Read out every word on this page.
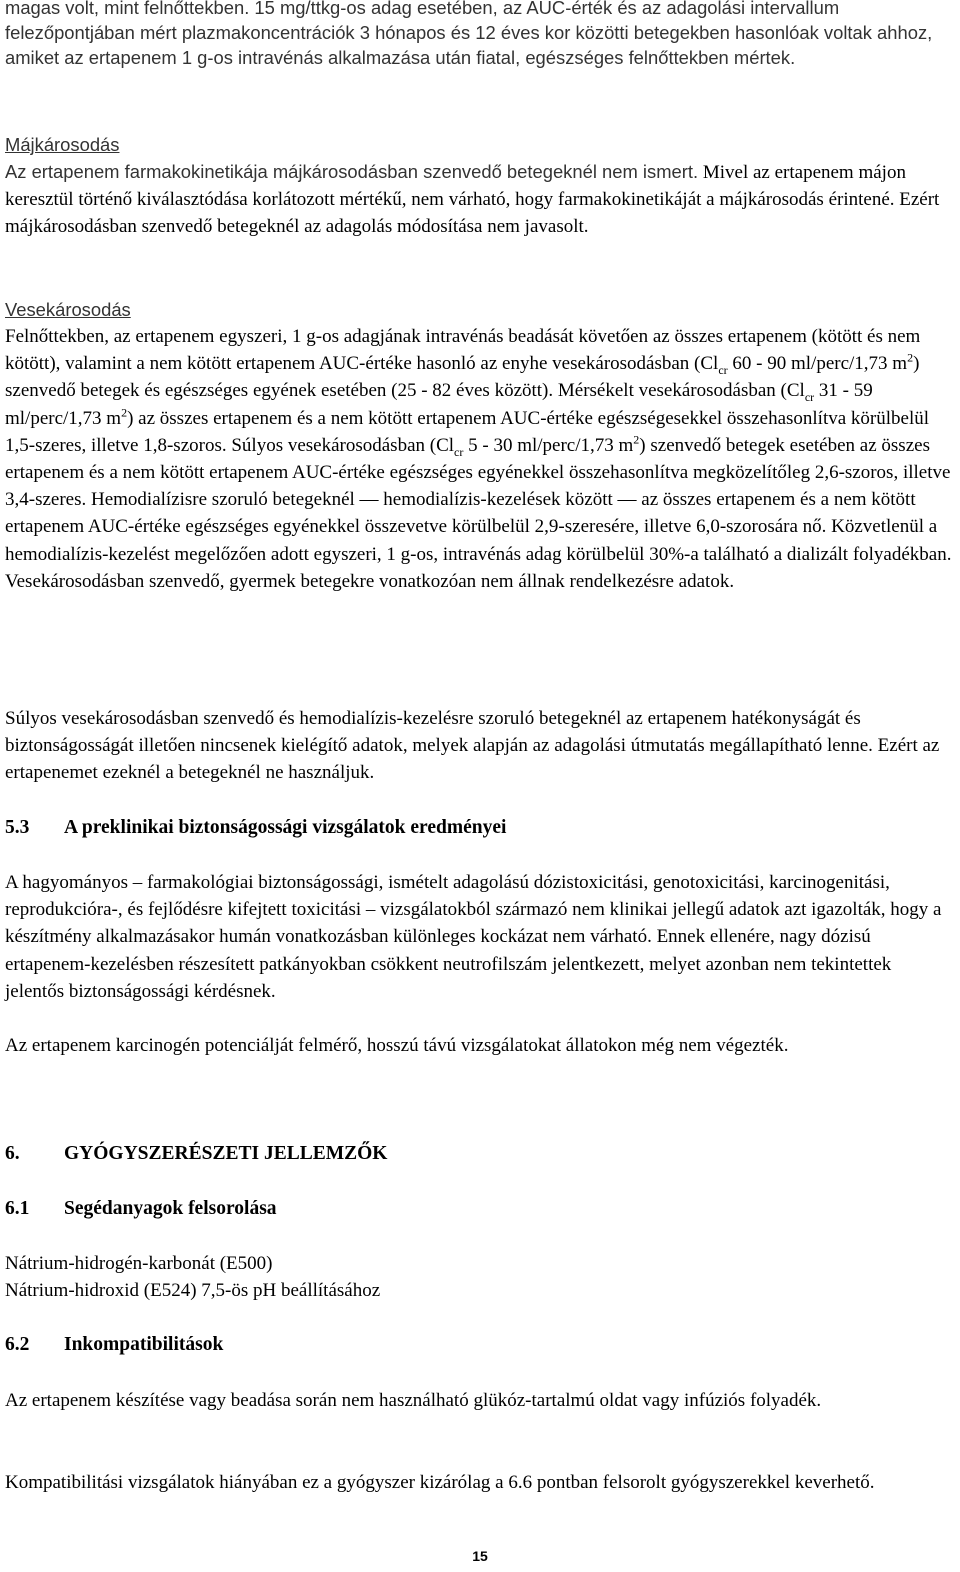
magas volt, mint felnőttekben. 15 mg/ttkg-os adag esetében, az AUC-érték és az adagolási intervallum felezőpontjában mért plazmakoncentrációk 3 hónapos és 12 éves kor közötti betegekben hasonlóak voltak ahhoz, amiket az ertapenem 1 g-os intravénás alkalmazása után fiatal, egészséges felnőttekben mértek.

Májkárosodás
Az ertapenem farmakokinetikája májkárosodásban szenvedő betegeknél nem ismert. Mivel az ertapenem májon keresztül történő kiválasztódása korlátozott mértékű, nem várható, hogy farmakokinetikáját a májkárosodás érintené. Ezért májkárosodásban szenvedő betegeknél az adagolás módosítása nem javasolt.
Vesekárosodás
Felnőttekben, az ertapenem egyszeri, 1 g-os adagjának intravénás beadását követően az összes ertapenem (kötött és nem kötött), valamint a nem kötött ertapenem AUC-értéke hasonló az enyhe vesekárosodásban ($Cl_{cr}$ 60 - 90 ml/perc/1,73 $m^2$) szenvedő betegek és egészséges egyének esetében (25 - 82 éves között). Mérsékelt vesekárosodásban ($Cl_{cr}$ 31 - 59 ml/perc/1,73 $m^2$) az összes ertapenem és a nem kötött ertapenem AUC-értéke egészségesekkel összehasonlítva körülbelül 1,5-szeres, illetve 1,8-szoros. Súlyos vesekárosodásban ($Cl_{cr}$ 5 - 30 ml/perc/1,73 $m^2$) szenvedő betegek esetében az összes ertapenem és a nem kötött ertapenem AUC-értéke egészséges egyénekkel összehasonlítva megközelítőleg 2,6-szoros, illetve 3,4-szeres. Hemodialízisre szoruló betegeknél — hemodialízis-kezelések között — az összes ertapenem és a nem kötött ertapenem AUC-értéke egészséges egyénekkel összevetve körülbelül 2,9-szeresére, illetve 6,0-szorosára nő. Közvetlenül a hemodialízis-kezelést megelőzően adott egyszeri, 1 g-os, intravénás adag körülbelül 30%-a található a dializált folyadékban. Vesekárosodásban szenvedő, gyermek betegekre vonatkozóan nem állnak rendelkezésre adatok.

Súlyos vesekárosodásban szenvedő és hemodialízis-kezelésre szoruló betegeknél az ertapenem hatékonyságát és biztonságosságát illetően nincsenek kielégítő adatok, melyek alapján az adagolási útmutatás megállapítható lenne. Ezért az ertapenemet ezeknél a betegeknél ne használjuk.

5.3 A preklinikai biztonságossági vizsgálatok eredményei

A hagyományos – farmakológiai biztonságossági, ismételt adagolású dózistoxicitási, genotoxicitási, karcinogenitási, reprodukcióra-, és fejlődésre kifejtett toxicitási – vizsgálatokból származó nem klinikai jellegű adatok azt igazolták, hogy a készítmény alkalmazásakor humán vonatkozásban különleges kockázat nem várható. Ennek ellenére, nagy dózisú ertapenem-kezelésben részesített patkányokban csökkent neutrofilszám jelentkezett, melyet azonban nem tekintettek jelentős biztonságossági kérdésnek.

Az ertapenem karcinogén potenciálját felmérő, hosszú távú vizsgálatokat állatokon még nem végezték.

6. GYÓGYSZERÉSZETI JELLEMZŐK
6.1 Segédanyagok felsorolása
Nátrium-hidrogén-karbonát (E500)
Nátrium-hidroxid (E524) 7,5-ös pH beállításához
6.2 Inkompatibilitások

Az ertapenem készítése vagy beadása során nem használható glükóz-tartalmú oldat vagy infúziós folyadék.

Kompatibilitási vizsgálatok hiányában ez a gyógyszer kizárólag a 6.6 pontban felsorolt gyógyszerekkel keverhető.

15
